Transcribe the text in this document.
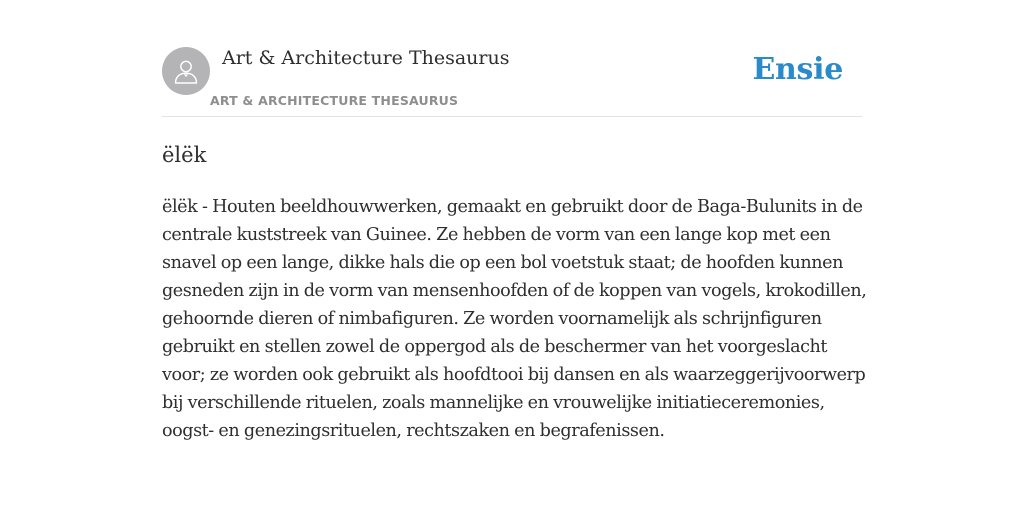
Art & Architecture Thesaurus
ART & ARCHITECTURE THESAURUS
Ensie
ëlëk

ëlëk - Houten beeldhouwwerken, gemaakt en gebruikt door de Baga-Bulunits in de centrale kuststreek van Guinee. Ze hebben de vorm van een lange kop met een snavel op een lange, dikke hals die op een bol voetstuk staat; de hoofden kunnen gesneden zijn in de vorm van mensenhoofden of de koppen van vogels, krokodillen, gehoornde dieren of nimbafiguren. Ze worden voornamelijk als schrijnfiguren gebruikt en stellen zowel de oppergod als de beschermer van het voorgeslacht voor; ze worden ook gebruikt als hoofdtooi bij dansen en als waarzeggerijvoorwerp bij verschillende rituelen, zoals mannelijke en vrouwelijke initiatieceremonies, oogst- en genezingsrituelen, rechtszaken en begrafenissen.
